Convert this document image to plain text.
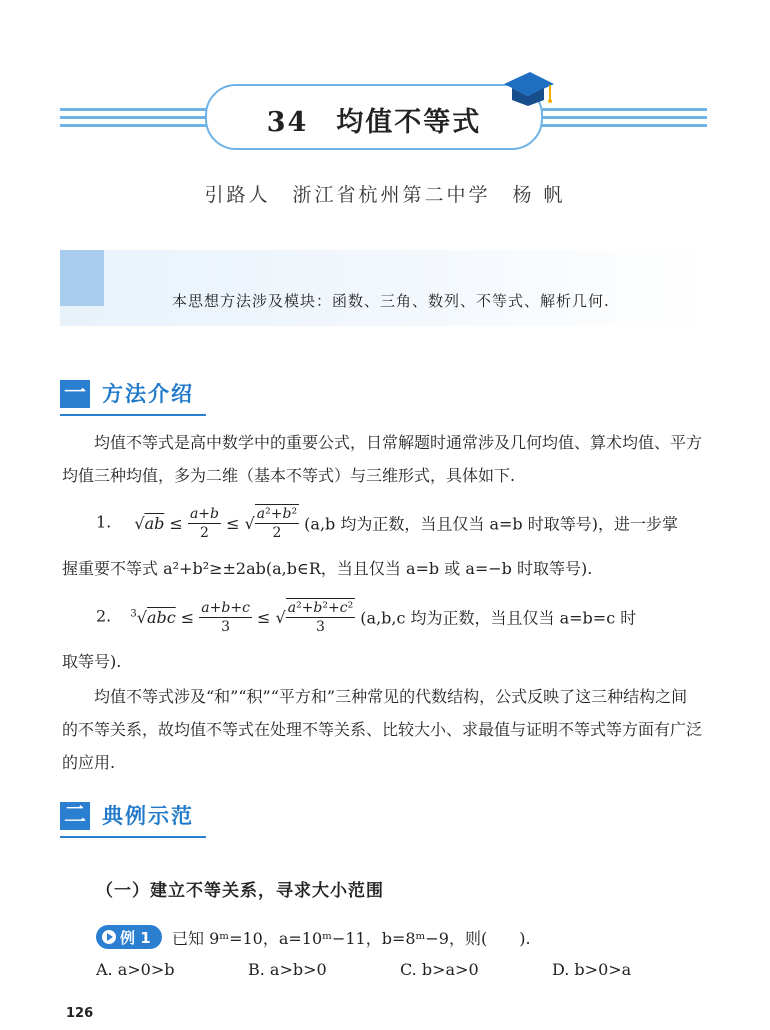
34 均值不等式
引路人　浙江省杭州第二中学　杨 帆
本思想方法涉及模块：函数、三角、数列、不等式、解析几何.
一 方法介绍
均值不等式是高中数学中的重要公式，日常解题时通常涉及几何均值、算术均值、平方均值三种均值，多为二维（基本不等式）与三维形式，具体如下.
1. $√ab \le \frac{a+b}{2}$ ≤ √ $\frac{\text{a²+b²}}{2} (a,b$ 均为正数，当且仅当 a=b 时取等号)，进一步掌
握重要不等式 a²+b²≥±2ab(a,b∈R，当且仅当 a=b 或 a=−b 时取等号).
2. $^3√abc \le \frac{a+b+c}{3}$ ≤ √ $\frac{\text{a²+b²+c²}}{3} (a,b,c$ 均为正数，当且仅当 a=b=c 时
取等号).
均值不等式涉及“和”“积”“平方和”三种常见的代数结构，公式反映了这三种结构之间的不等关系，故均值不等式在处理不等关系、比较大小、求最值与证明不等式等方面有广泛的应用.
二 典例示范
（一）建立不等关系，寻求大小范围
例 1 已知 9ᵐ=10，a=10ᵐ−11，b=8ᵐ−9，则(　　).
A. a>0>b	B. a>b>0	C. b>a>0	D. b>0>a
126
